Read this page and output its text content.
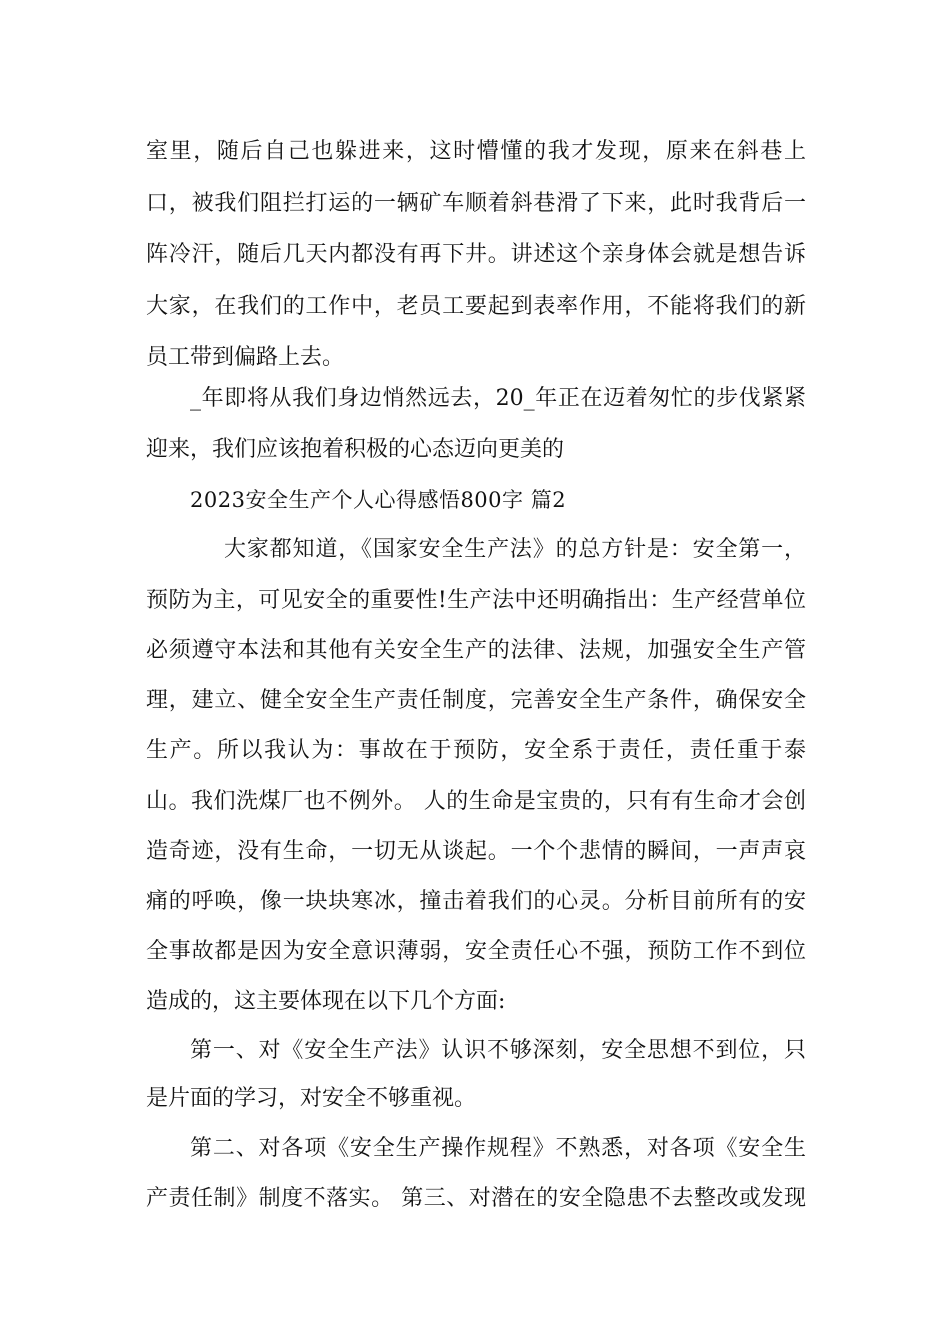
室里，随后自己也躲进来，这时懵懂的我才发现，原来在斜巷上
口，被我们阻拦打运的一辆矿车顺着斜巷滑了下来，此时我背后一
阵冷汗，随后几天内都没有再下井。讲述这个亲身体会就是想告诉
大家，在我们的工作中，老员工要起到表率作用，不能将我们的新
员工带到偏路上去。
_年即将从我们身边悄然远去，20_年正在迈着匆忙的步伐紧紧
迎来，我们应该抱着积极的心态迈向更美的
2023安全生产个人心得感悟800字 篇2
大家都知道，《国家安全生产法》的总方针是：安全第一，
预防为主，可见安全的重要性!生产法中还明确指出：生产经营单位
必须遵守本法和其他有关安全生产的法律、法规，加强安全生产管
理，建立、健全安全生产责任制度，完善安全生产条件，确保安全
生产。所以我认为：事故在于预防，安全系于责任，责任重于泰
山。我们洗煤厂也不例外。 人的生命是宝贵的，只有有生命才会创
造奇迹，没有生命，一切无从谈起。一个个悲情的瞬间，一声声哀
痛的呼唤，像一块块寒冰，撞击着我们的心灵。分析目前所有的安
全事故都是因为安全意识薄弱，安全责任心不强，预防工作不到位
造成的，这主要体现在以下几个方面:
第一、对《安全生产法》认识不够深刻，安全思想不到位，只
是片面的学习，对安全不够重视。
第二、对各项《安全生产操作规程》不熟悉，对各项《安全生
产责任制》制度不落实。 第三、对潜在的安全隐患不去整改或发现
